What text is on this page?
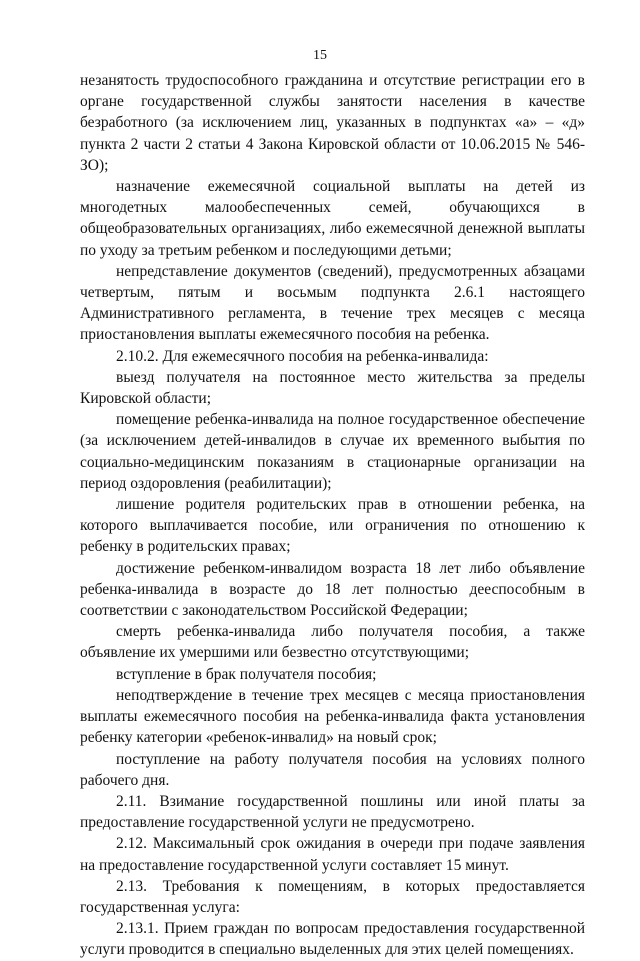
15

незанятость трудоспособного гражданина и отсутствие регистрации его в органе государственной службы занятости населения в качестве безработного (за исключением лиц, указанных в подпунктах «а» – «д» пункта 2 части 2 статьи 4 Закона Кировской области от 10.06.2015 № 546-ЗО);

назначение ежемесячной социальной выплаты на детей из многодетных малообеспеченных семей, обучающихся в общеобразовательных организациях, либо ежемесячной денежной выплаты по уходу за третьим ребенком и последующими детьми;

непредставление документов (сведений), предусмотренных абзацами четвертым, пятым и восьмым подпункта 2.6.1 настоящего Административного регламента, в течение трех месяцев с месяца приостановления выплаты ежемесячного пособия на ребенка.

2.10.2. Для ежемесячного пособия на ребенка-инвалида:

выезд получателя на постоянное место жительства за пределы Кировской области;

помещение ребенка-инвалида на полное государственное обеспечение (за исключением детей-инвалидов в случае их временного выбытия по социально-медицинским показаниям в стационарные организации на период оздоровления (реабилитации);

лишение родителя родительских прав в отношении ребенка, на которого выплачивается пособие, или ограничения по отношению к ребенку в родительских правах;

достижение ребенком-инвалидом возраста 18 лет либо объявление ребенка-инвалида в возрасте до 18 лет полностью дееспособным в соответствии с законодательством Российской Федерации;

смерть ребенка-инвалида либо получателя пособия, а также объявление их умершими или безвестно отсутствующими;

вступление в брак получателя пособия;

неподтверждение в течение трех месяцев с месяца приостановления выплаты ежемесячного пособия на ребенка-инвалида факта установления ребенку категории «ребенок-инвалид» на новый срок;

поступление на работу получателя пособия на условиях полного рабочего дня.

2.11. Взимание государственной пошлины или иной платы за предоставление государственной услуги не предусмотрено.

2.12. Максимальный срок ожидания в очереди при подаче заявления на предоставление государственной услуги составляет 15 минут.

2.13. Требования к помещениям, в которых предоставляется государственная услуга:

2.13.1. Прием граждан по вопросам предоставления государственной услуги проводится в специально выделенных для этих целей помещениях.
